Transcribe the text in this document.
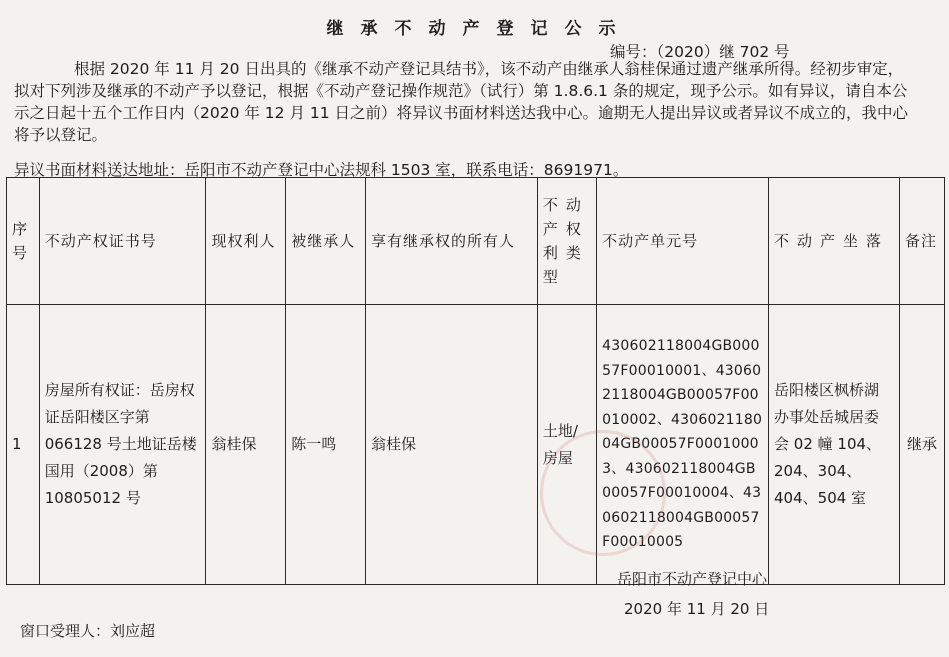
继承不动产登记公示
编号：（2020）继 702 号
根据 2020 年 11 月 20 日出具的《继承不动产登记具结书》，该不动产由继承人翁桂保通过遗产继承所得。经初步审定， 拟对下列涉及继承的不动产予以登记，根据《不动产登记操作规范》（试行）第 1.8.6.1 条的规定，现予公示。如有异议，请自本公示之日起十五个工作日内（2020 年 12 月 11 日之前）将异议书面材料送达我中心。逾期无人提出异议或者异议不成立的，我中心将予以登记。
异议书面材料送达地址：岳阳市不动产登记中心法规科 1503 室，联系电话：8691971。
序号	不动产权证书号	现权利人	被继承人	享有继承权的所有人	不动产权利类型	不动产单元号	不动产坐落	备注
1	房屋所有权证：岳房权证岳阳楼区字第 066128 号土地证岳楼国用（2008）第 10805012 号	翁桂保	陈一鸣	翁桂保	土地/房屋	430602118004GB00057F00010001、430602118004GB00057F00010002、430602118004GB00057F00010003、430602118004GB00057F00010004、430602118004GB00057F00010005	岳阳楼区枫桥湖办事处岳城居委会 02 幢 104、204、304、404、504 室	继承
岳阳市不动产登记中心
2020 年 11 月 20 日
窗口受理人：刘应超
